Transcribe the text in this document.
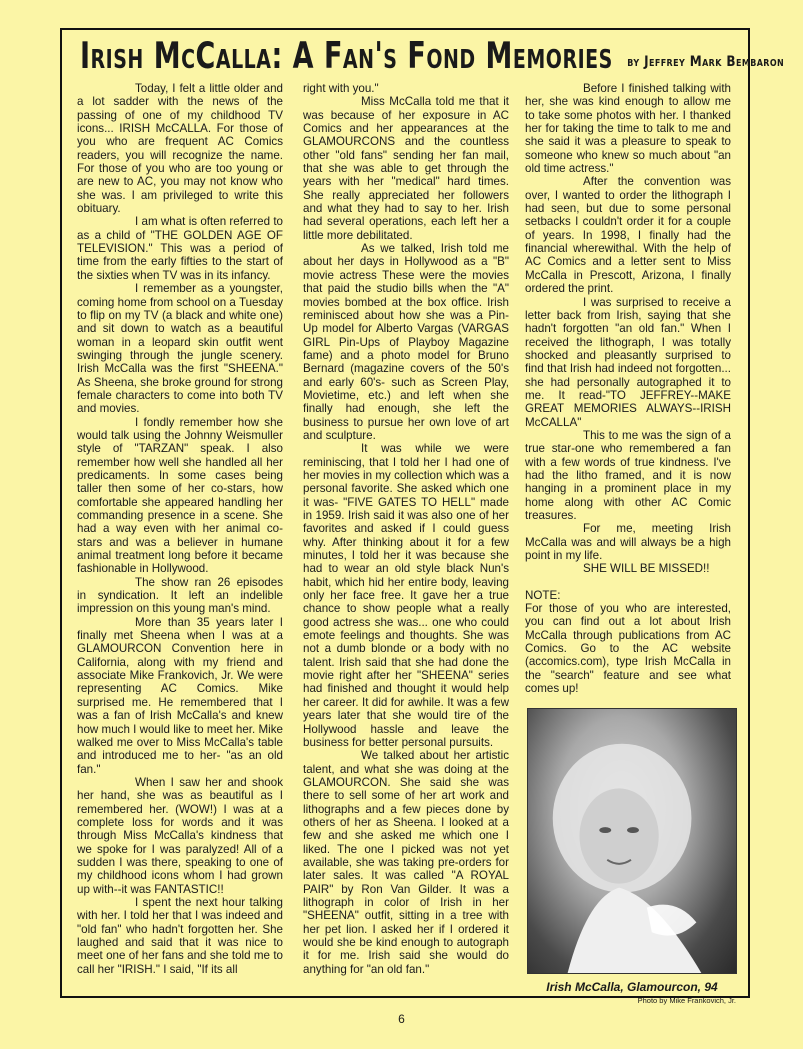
Irish McCalla: A Fan's Fond Memories by Jeffrey Mark Bembaron

Today, I felt a little older and a lot sadder with the news of the passing of one of my childhood TV icons... IRISH McCALLA. For those of you who are frequent AC Comics readers, you will recognize the name. For those of you who are too young or are new to AC, you may not know who she was. I am privileged to write this obituary.

I am what is often referred to as a child of "THE GOLDEN AGE OF TELEVISION." This was a period of time from the early fifties to the start of the sixties when TV was in its infancy.

I remember as a youngster, coming home from school on a Tuesday to flip on my TV (a black and white one) and sit down to watch as a beautiful woman in a leopard skin outfit went swinging through the jungle scenery. Irish McCalla was the first "SHEENA." As Sheena, she broke ground for strong female characters to come into both TV and movies.

I fondly remember how she would talk using the Johnny Weismuller style of "TARZAN" speak. I also remember how well she handled all her predicaments. In some cases being taller then some of her co-stars, how comfortable she appeared handling her commanding presence in a scene. She had a way even with her animal co-stars and was a believer in humane animal treatment long before it became fashionable in Hollywood.

The show ran 26 episodes in syndication. It left an indelible impression on this young man's mind.

More than 35 years later I finally met Sheena when I was at a GLAMOURCON Convention here in California, along with my friend and associate Mike Frankovich, Jr. We were representing AC Comics. Mike surprised me. He remembered that I was a fan of Irish McCalla's and knew how much I would like to meet her. Mike walked me over to Miss McCalla's table and introduced me to her- "as an old fan."

When I saw her and shook her hand, she was as beautiful as I remembered her. (WOW!) I was at a complete loss for words and it was through Miss McCalla's kindness that we spoke for I was paralyzed! All of a sudden I was there, speaking to one of my childhood icons whom I had grown up with--it was FANTASTIC!!

I spent the next hour talking with her. I told her that I was indeed and "old fan" who hadn't forgotten her. She laughed and said that it was nice to meet one of her fans and she told me to call her "IRISH." I said, "If its all

right with you."

Miss McCalla told me that it was because of her exposure in AC Comics and her appearances at the GLAMOURCONS and the countless other "old fans" sending her fan mail, that she was able to get through the years with her "medical" hard times. She really appreciated her followers and what they had to say to her. Irish had several operations, each left her a little more debilitated.

As we talked, Irish told me about her days in Hollywood as a "B" movie actress These were the movies that paid the studio bills when the "A" movies bombed at the box office. Irish reminisced about how she was a Pin-Up model for Alberto Vargas (VARGAS GIRL Pin-Ups of Playboy Magazine fame) and a photo model for Bruno Bernard (magazine covers of the 50's and early 60's- such as Screen Play, Movietime, etc.) and left when she finally had enough, she left the business to pursue her own love of art and sculpture.

It was while we were reminiscing, that I told her I had one of her movies in my collection which was a personal favorite. She asked which one it was- "FIVE GATES TO HELL" made in 1959. Irish said it was also one of her favorites and asked if I could guess why. After thinking about it for a few minutes, I told her it was because she had to wear an old style black Nun's habit, which hid her entire body, leaving only her face free. It gave her a true chance to show people what a really good actress she was... one who could emote feelings and thoughts. She was not a dumb blonde or a body with no talent. Irish said that she had done the movie right after her "SHEENA" series had finished and thought it would help her career. It did for awhile. It was a few years later that she would tire of the Hollywood hassle and leave the business for better personal pursuits.

We talked about her artistic talent, and what she was doing at the GLAMOURCON. She said she was there to sell some of her art work and lithographs and a few pieces done by others of her as Sheena. I looked at a few and she asked me which one I liked. The one I picked was not yet available, she was taking pre-orders for later sales. It was called "A ROYAL PAIR" by Ron Van Gilder. It was a lithograph in color of Irish in her "SHEENA" outfit, sitting in a tree with her pet lion. I asked her if I ordered it would she be kind enough to autograph it for me. Irish said she would do anything for "an old fan."

Before I finished talking with her, she was kind enough to allow me to take some photos with her. I thanked her for taking the time to talk to me and she said it was a pleasure to speak to someone who knew so much about "an old time actress."

After the convention was over, I wanted to order the lithograph I had seen, but due to some personal setbacks I couldn't order it for a couple of years. In 1998, I finally had the financial wherewithal. With the help of AC Comics and a letter sent to Miss McCalla in Prescott, Arizona, I finally ordered the print.

I was surprised to receive a letter back from Irish, saying that she hadn't forgotten "an old fan." When I received the lithograph, I was totally shocked and pleasantly surprised to find that Irish had indeed not forgotten... she had personally autographed it to me. It read-"TO JEFFREY--MAKE GREAT MEMORIES ALWAYS--IRISH McCALLA"

This to me was the sign of a true star-one who remembered a fan with a few words of true kindness. I've had the litho framed, and it is now hanging in a prominent place in my home along with other AC Comic treasures.

For me, meeting Irish McCalla was and will always be a high point in my life.

SHE WILL BE MISSED!!

NOTE:

For those of you who are interested, you can find out a lot about Irish McCalla through publications from AC Comics. Go to the AC website (accomics.com), type Irish McCalla in the "search" feature and see what comes up!

Irish McCalla, Glamourcon, 94
Photo by Mike Frankovich, Jr.
6
